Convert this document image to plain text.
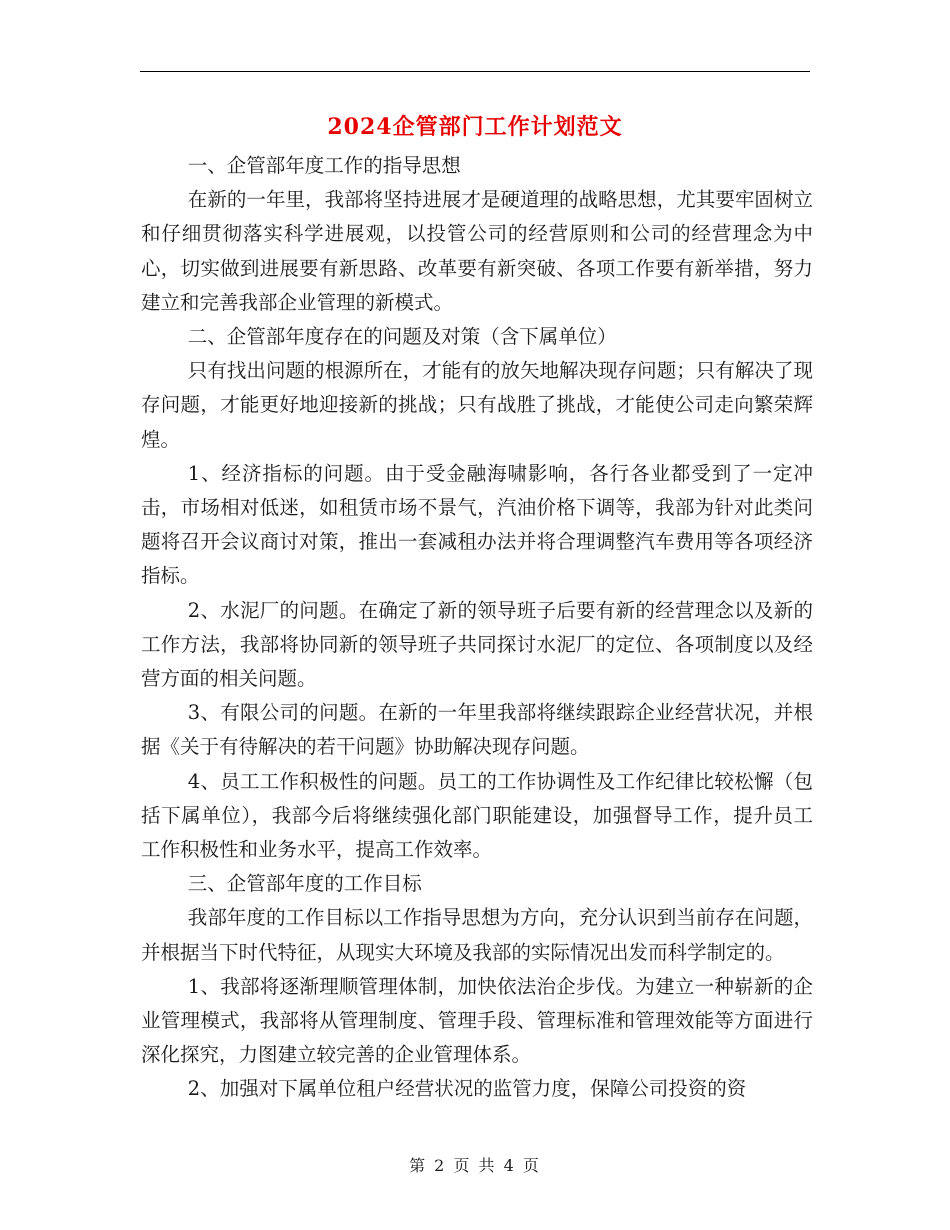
2024企管部门工作计划范文

一、企管部年度工作的指导思想

在新的一年里，我部将坚持进展才是硬道理的战略思想，尤其要牢固树立和仔细贯彻落实科学进展观，以投管公司的经营原则和公司的经营理念为中心，切实做到进展要有新思路、改革要有新突破、各项工作要有新举措，努力建立和完善我部企业管理的新模式。

二、企管部年度存在的问题及对策（含下属单位）

只有找出问题的根源所在，才能有的放矢地解决现存问题；只有解决了现存问题，才能更好地迎接新的挑战；只有战胜了挑战，才能使公司走向繁荣辉煌。

1、经济指标的问题。由于受金融海啸影响，各行各业都受到了一定冲击，市场相对低迷，如租赁市场不景气，汽油价格下调等，我部为针对此类问题将召开会议商讨对策，推出一套减租办法并将合理调整汽车费用等各项经济指标。

2、水泥厂的问题。在确定了新的领导班子后要有新的经营理念以及新的工作方法，我部将协同新的领导班子共同探讨水泥厂的定位、各项制度以及经营方面的相关问题。

3、有限公司的问题。在新的一年里我部将继续跟踪企业经营状况，并根据《关于有待解决的若干问题》协助解决现存问题。

4、员工工作积极性的问题。员工的工作协调性及工作纪律比较松懈（包括下属单位），我部今后将继续强化部门职能建设，加强督导工作，提升员工工作积极性和业务水平，提高工作效率。

三、企管部年度的工作目标

我部年度的工作目标以工作指导思想为方向，充分认识到当前存在问题，并根据当下时代特征，从现实大环境及我部的实际情况出发而科学制定的。

1、我部将逐渐理顺管理体制，加快依法治企步伐。为建立一种崭新的企业管理模式，我部将从管理制度、管理手段、管理标准和管理效能等方面进行深化探究，力图建立较完善的企业管理体系。

2、加强对下属单位租户经营状况的监管力度，保障公司投资的资

第 2 页 共 4 页
